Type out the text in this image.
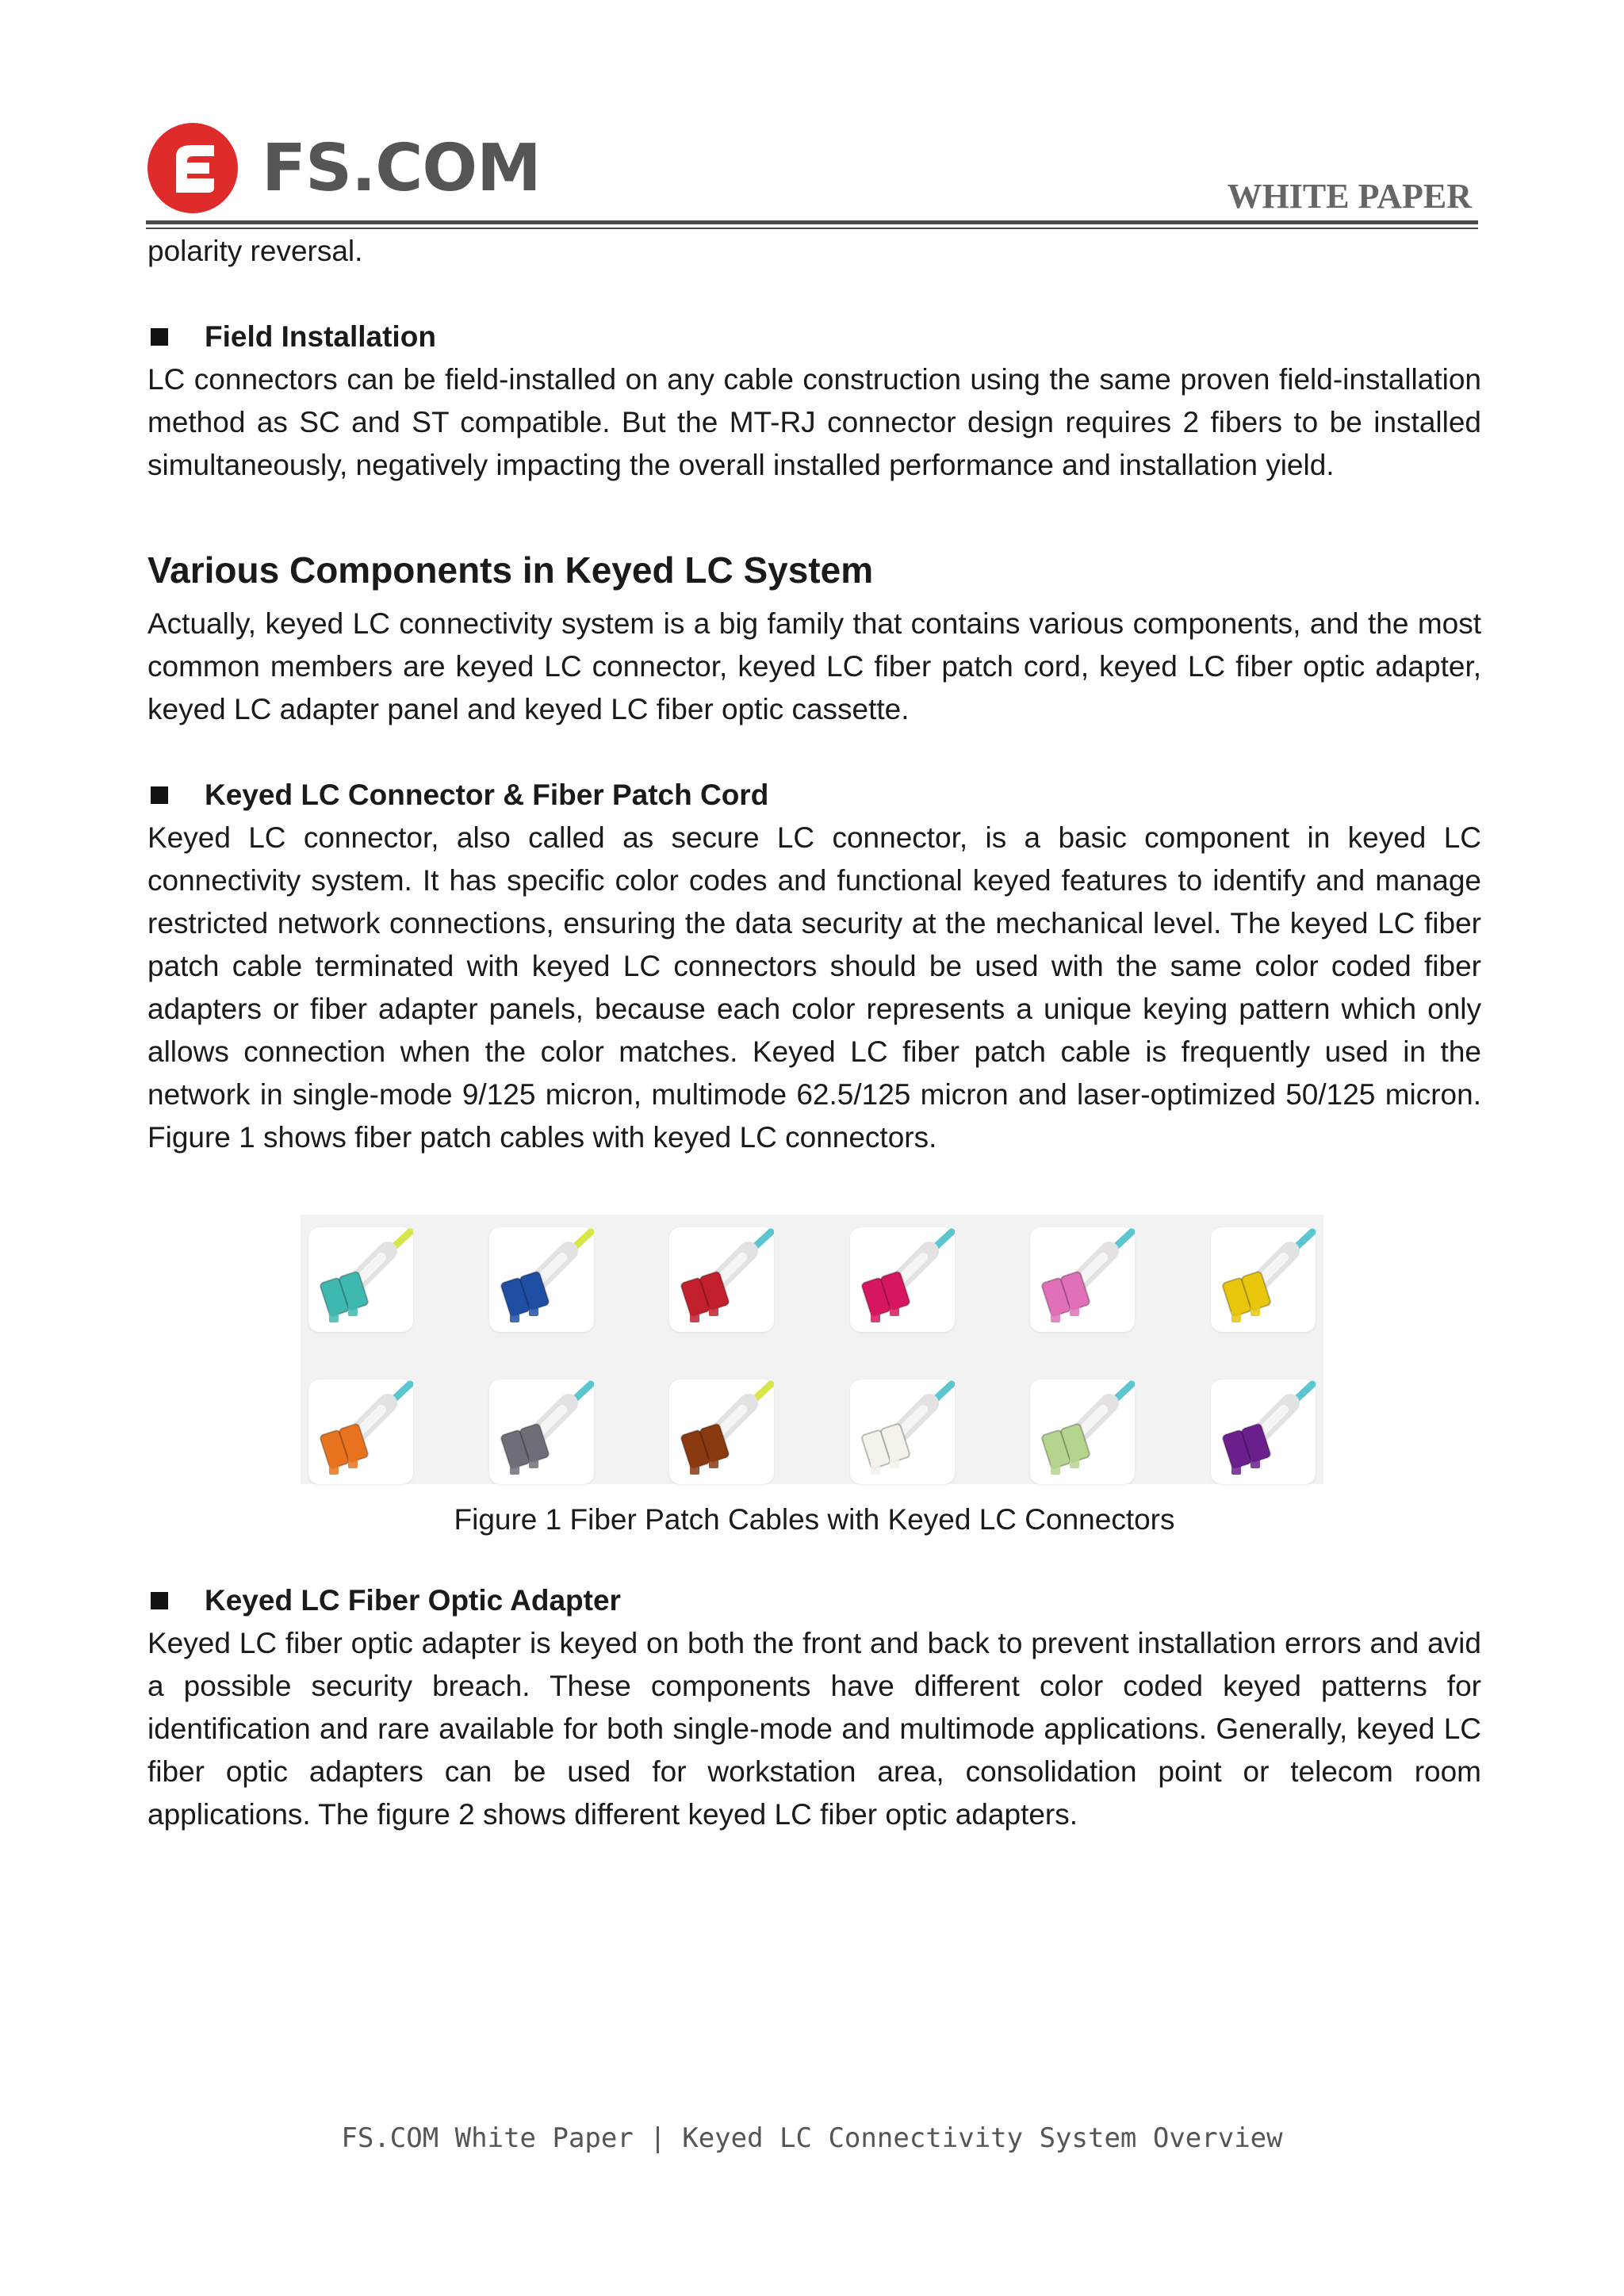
FS.COM	WHITE PAPER

polarity reversal.

Field Installation

LC connectors can be field-installed on any cable construction using the same proven field-installation method as SC and ST compatible. But the MT-RJ connector design requires 2 fibers to be installed simultaneously, negatively impacting the overall installed performance and installation yield.

Various Components in Keyed LC System

Actually, keyed LC connectivity system is a big family that contains various components, and the most common members are keyed LC connector, keyed LC fiber patch cord, keyed LC fiber optic adapter, keyed LC adapter panel and keyed LC fiber optic cassette.

Keyed LC Connector & Fiber Patch Cord

Keyed LC connector, also called as secure LC connector, is a basic component in keyed LC connectivity system. It has specific color codes and functional keyed features to identify and manage restricted network connections, ensuring the data security at the mechanical level. The keyed LC fiber patch cable terminated with keyed LC connectors should be used with the same color coded fiber adapters or fiber adapter panels, because each color represents a unique keying pattern which only allows connection when the color matches. Keyed LC fiber patch cable is frequently used in the network in single-mode 9/125 micron, multimode 62.5/125 micron and laser-optimized 50/125 micron. Figure 1 shows fiber patch cables with keyed LC connectors.

Figure 1 Fiber Patch Cables with Keyed LC Connectors
Keyed LC Fiber Optic Adapter

Keyed LC fiber optic adapter is keyed on both the front and back to prevent installation errors and avid a possible security breach. These components have different color coded keyed patterns for identification and rare available for both single-mode and multimode applications. Generally, keyed LC fiber optic adapters can be used for workstation area, consolidation point or telecom room applications. The figure 2 shows different keyed LC fiber optic adapters.

FS.COM White Paper | Keyed LC Connectivity System Overview
